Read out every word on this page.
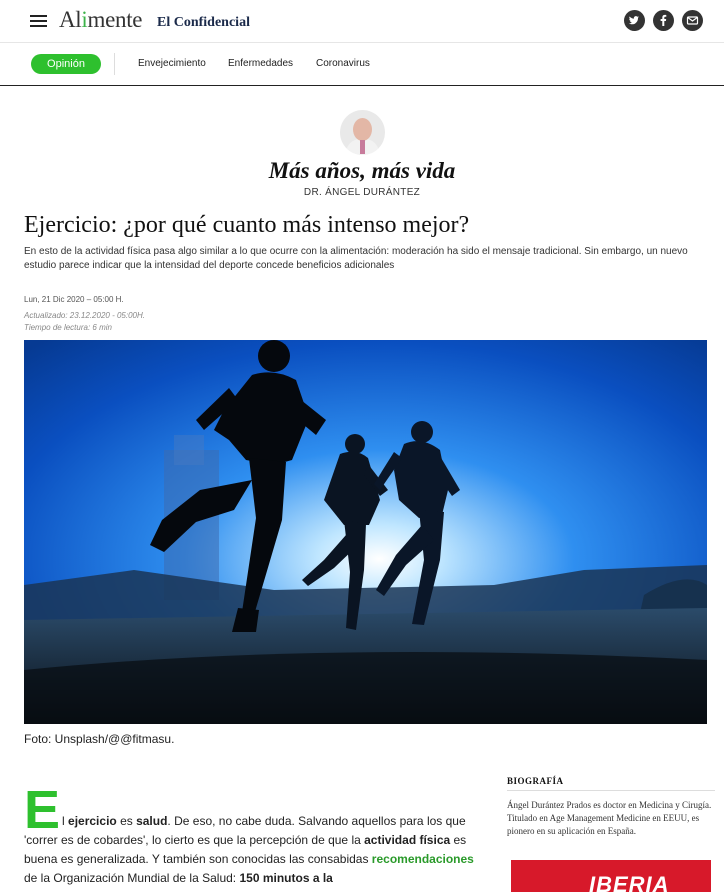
Alimente El Confidencial
Opinión	Envejecimiento Enfermedades Coronavirus
Más años, más vida
DR. ÁNGEL DURÁNTEZ
Ejercicio: ¿por qué cuanto más intenso mejor?
En esto de la actividad física pasa algo similar a lo que ocurre con la alimentación: moderación ha sido el mensaje tradicional. Sin embargo, un nuevo estudio parece indicar que la intensidad del deporte concede beneficios adicionales
Lun, 21 Dic 2020 – 05:00 H.
Actualizado: 23.12.2020 - 05:00H.
Tiempo de lectura: 6 min
Foto: Unsplash/@@fitmasu.
El ejercicio es salud. De eso, no cabe duda. Salvando aquellos para los que 'correr es de cobardes', lo cierto es que la percepción de que la actividad física es buena es generalizada. Y también son conocidas las consabidas recomendaciones de la Organización Mundial de la Salud: 150 minutos a la
BIOGRAFÍA
Ángel Durántez Prados es doctor en Medicina y Cirugía. Titulado en Age Management Medicine en EEUU, es pionero en su aplicación en España.
IBERIA
